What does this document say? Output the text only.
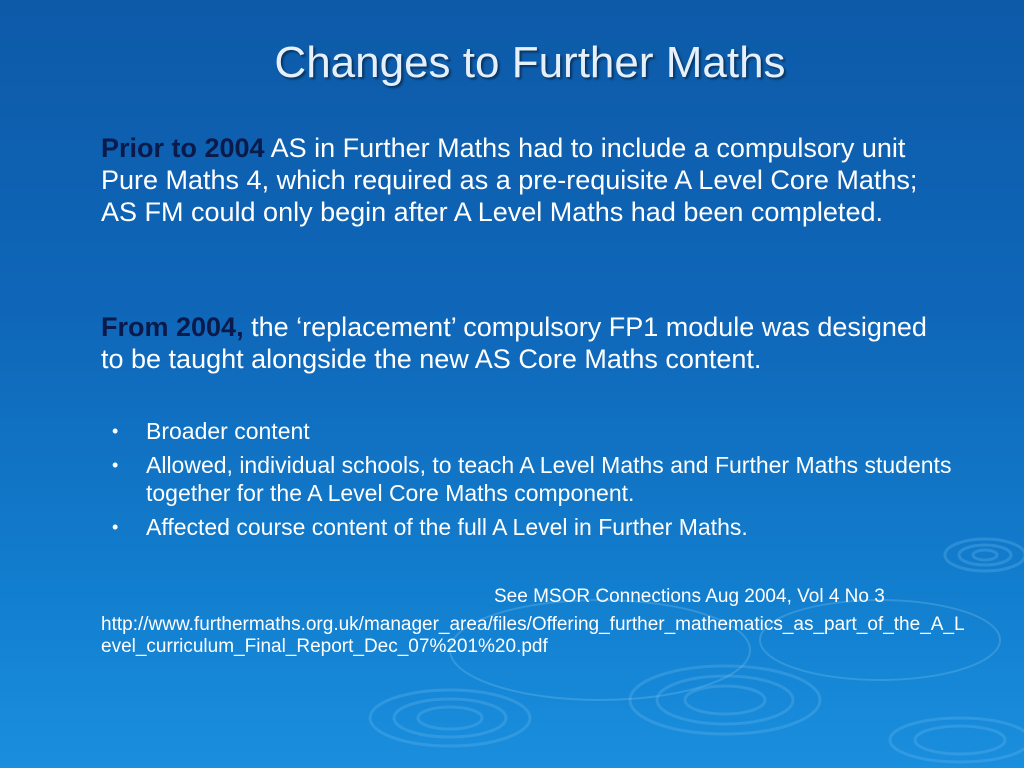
Changes to Further Maths

Prior to 2004 AS in Further Maths had to include a compulsory unit Pure Maths 4, which required as a pre-requisite A Level Core Maths; AS FM could only begin after A Level Maths had been completed.

From 2004, the ‘replacement’ compulsory FP1 module was designed to be taught alongside the new AS Core Maths content.

• Broader content
• Allowed, individual schools, to teach A Level Maths and Further Maths students together for the A Level Core Maths component.
• Affected course content of the full A Level in Further Maths.

See MSOR Connections Aug 2004, Vol 4 No 3

http://www.furthermaths.org.uk/manager_area/files/Offering_further_mathematics_as_part_of_the_A_Level_curriculum_Final_Report_Dec_07%201%20.pdf
